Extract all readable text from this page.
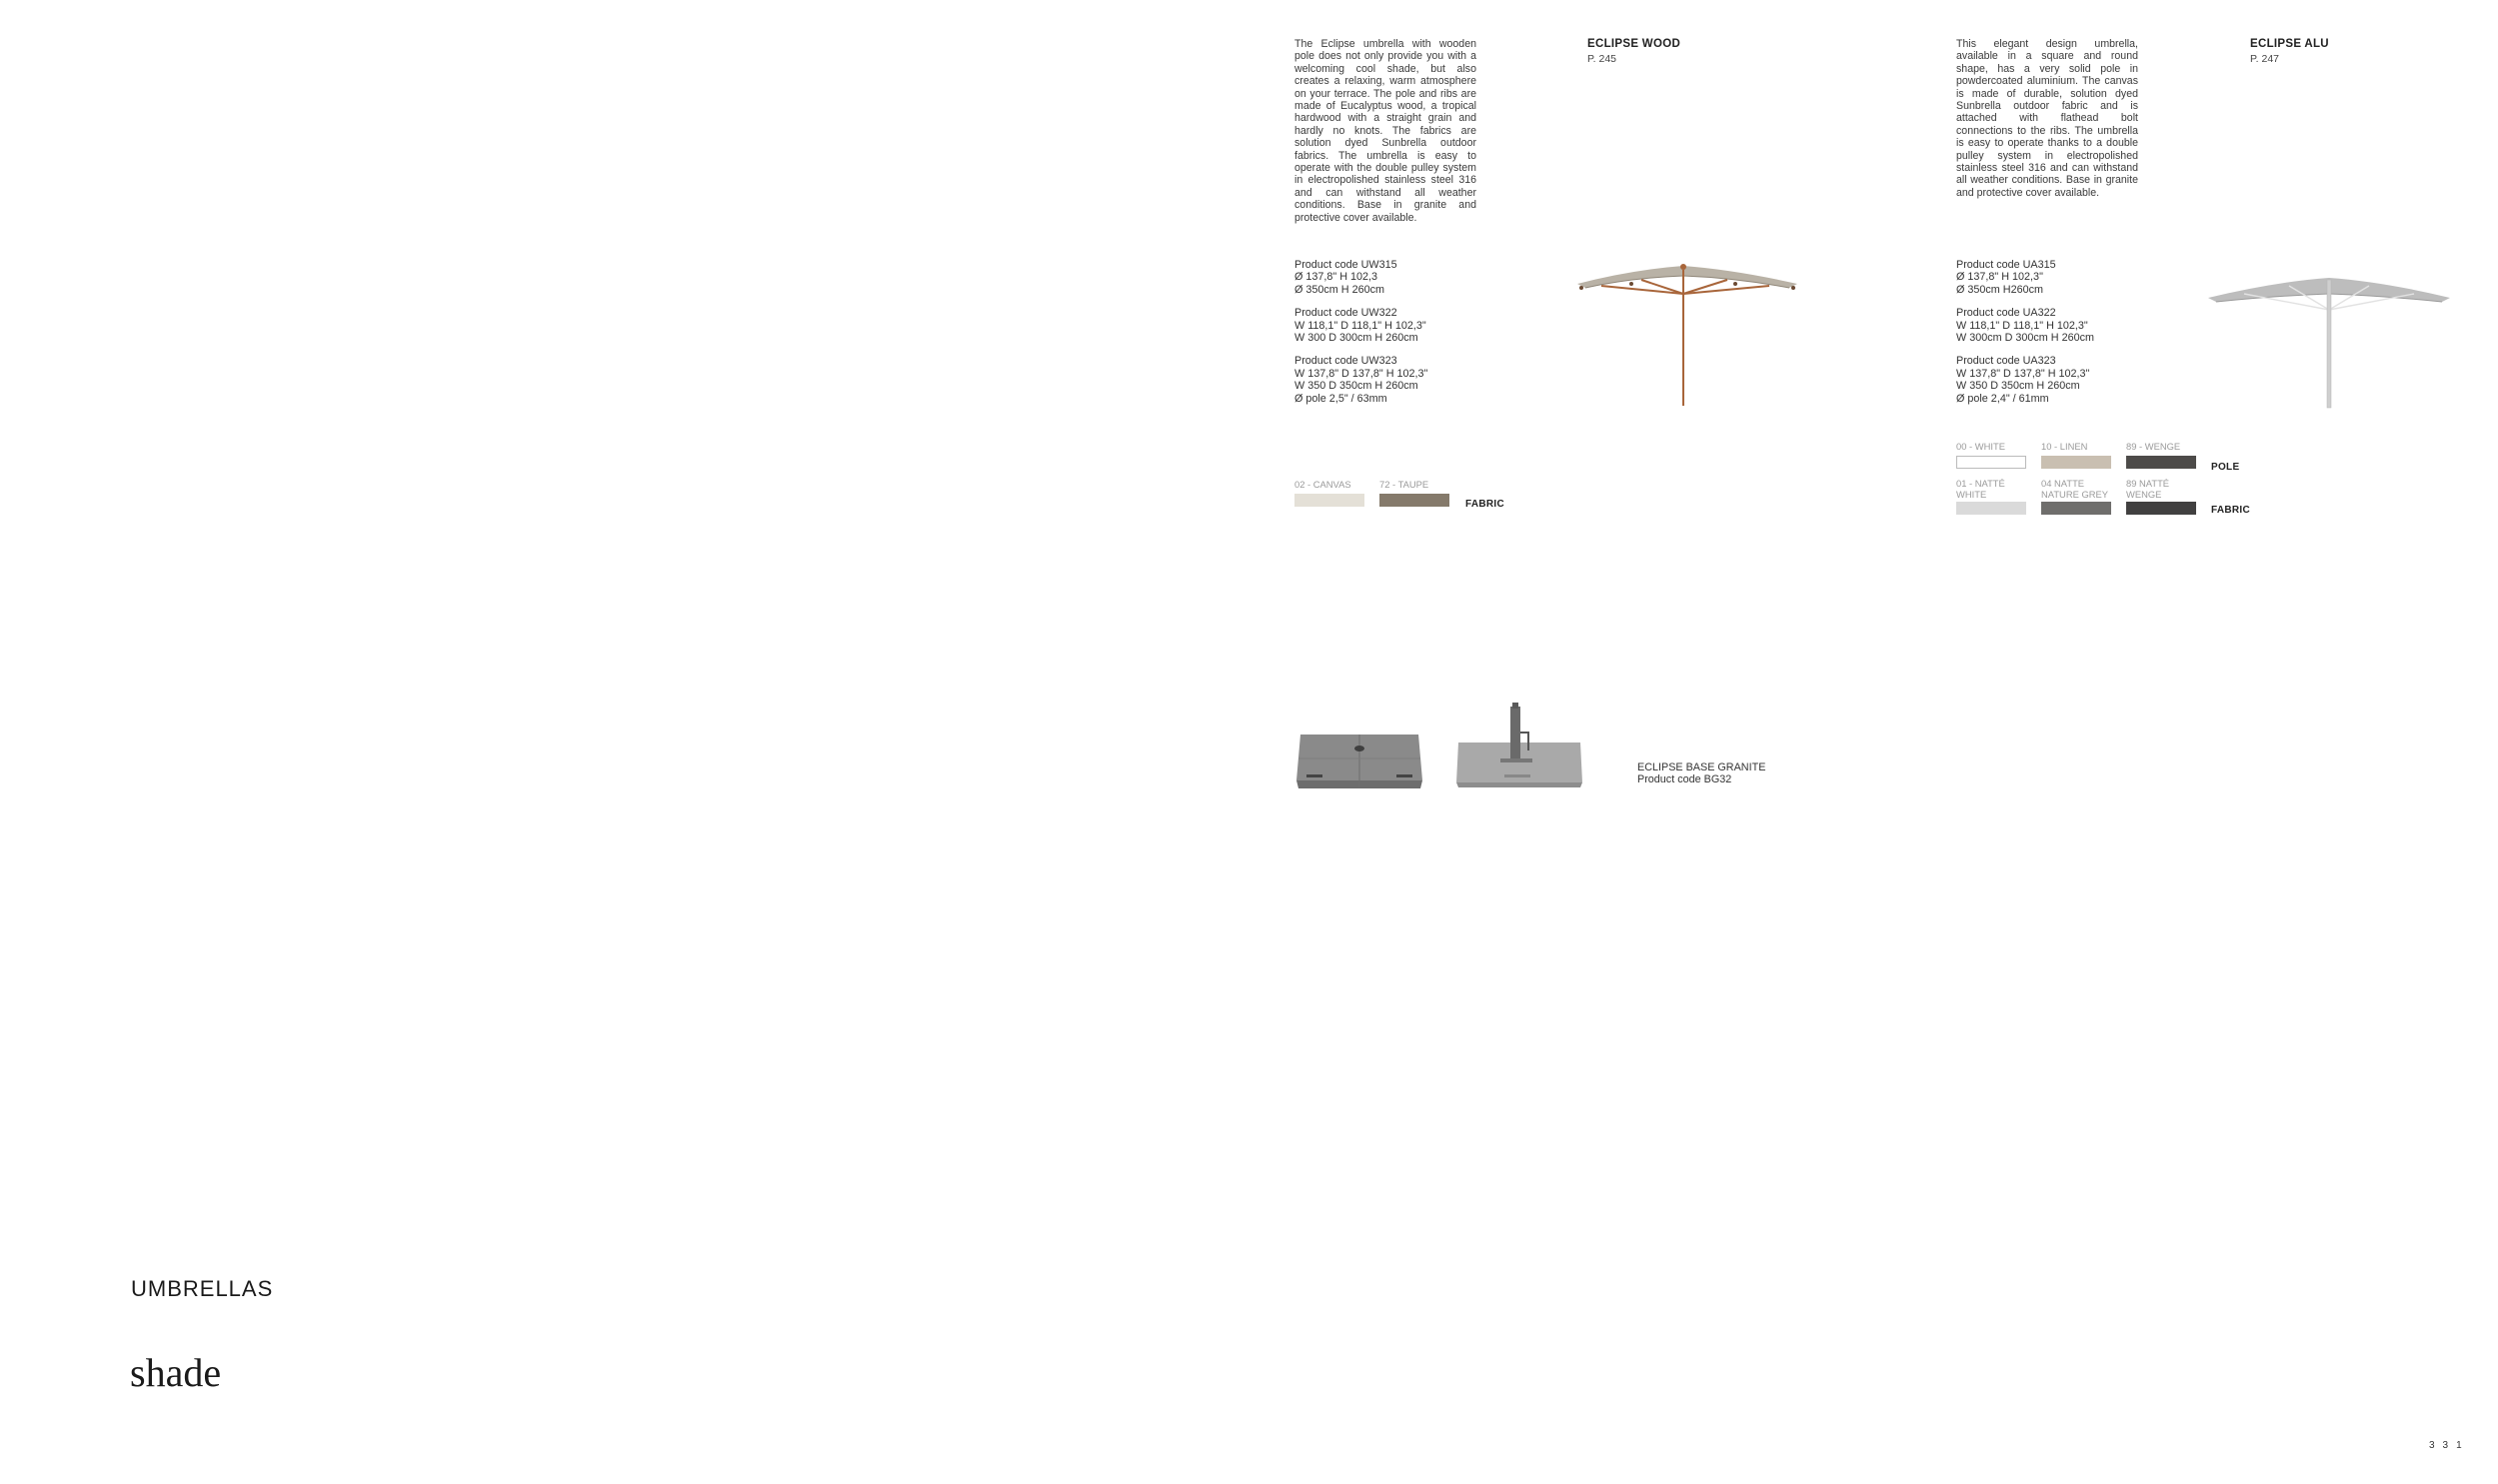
The Eclipse umbrella with wooden pole does not only provide you with a welcoming cool shade, but also creates a relaxing, warm atmosphere on your terrace. The pole and ribs are made of Eucalyptus wood, a tropical hardwood with a straight grain and hardly no knots. The fabrics are solution dyed Sunbrella outdoor fabrics. The umbrella is easy to operate with the double pulley system in electropolished stainless steel 316 and can withstand all weather conditions. Base in granite and protective cover available.

ECLIPSE WOOD
P. 245
Product code UW315
Ø 137,8" H 102,3
Ø 350cm H 260cm
Product code UW322
W 118,1" D 118,1" H 102,3"
W 300 D 300cm H 260cm
Product code UW323
W 137,8" D 137,8" H 102,3"
W 350 D 350cm H 260cm
Ø pole 2,5" / 63mm
02 - CANVAS	72 - TAUPE
FABRIC

This elegant design umbrella, available in a square and round shape, has a very solid pole in powdercoated aluminium. The canvas is made of durable, solution dyed Sunbrella outdoor fabric and is attached with flathead bolt connections to the ribs. The umbrella is easy to operate thanks to a double pulley system in electropolished stainless steel 316 and can withstand all weather conditions. Base in granite and protective cover available.

ECLIPSE ALU
P. 247
Product code UA315
Ø 137,8" H 102,3"
Ø 350cm H260cm
Product code UA322
W 118,1" D 118,1" H 102,3"
W 300cm D 300cm H 260cm
Product code UA323
W 137,8" D 137,8" H 102,3"
W 350 D 350cm H 260cm
Ø pole 2,4" / 61mm
00 - WHITE	10 - LINEN	89 - WENGE
POLE
01 - NATTÉ WHITE
04 NATTE NATURE GREY
89 NATTÉ WENGE
FABRIC
ECLIPSE BASE GRANITE
Product code BG32
UMBRELLAS
shade
331
